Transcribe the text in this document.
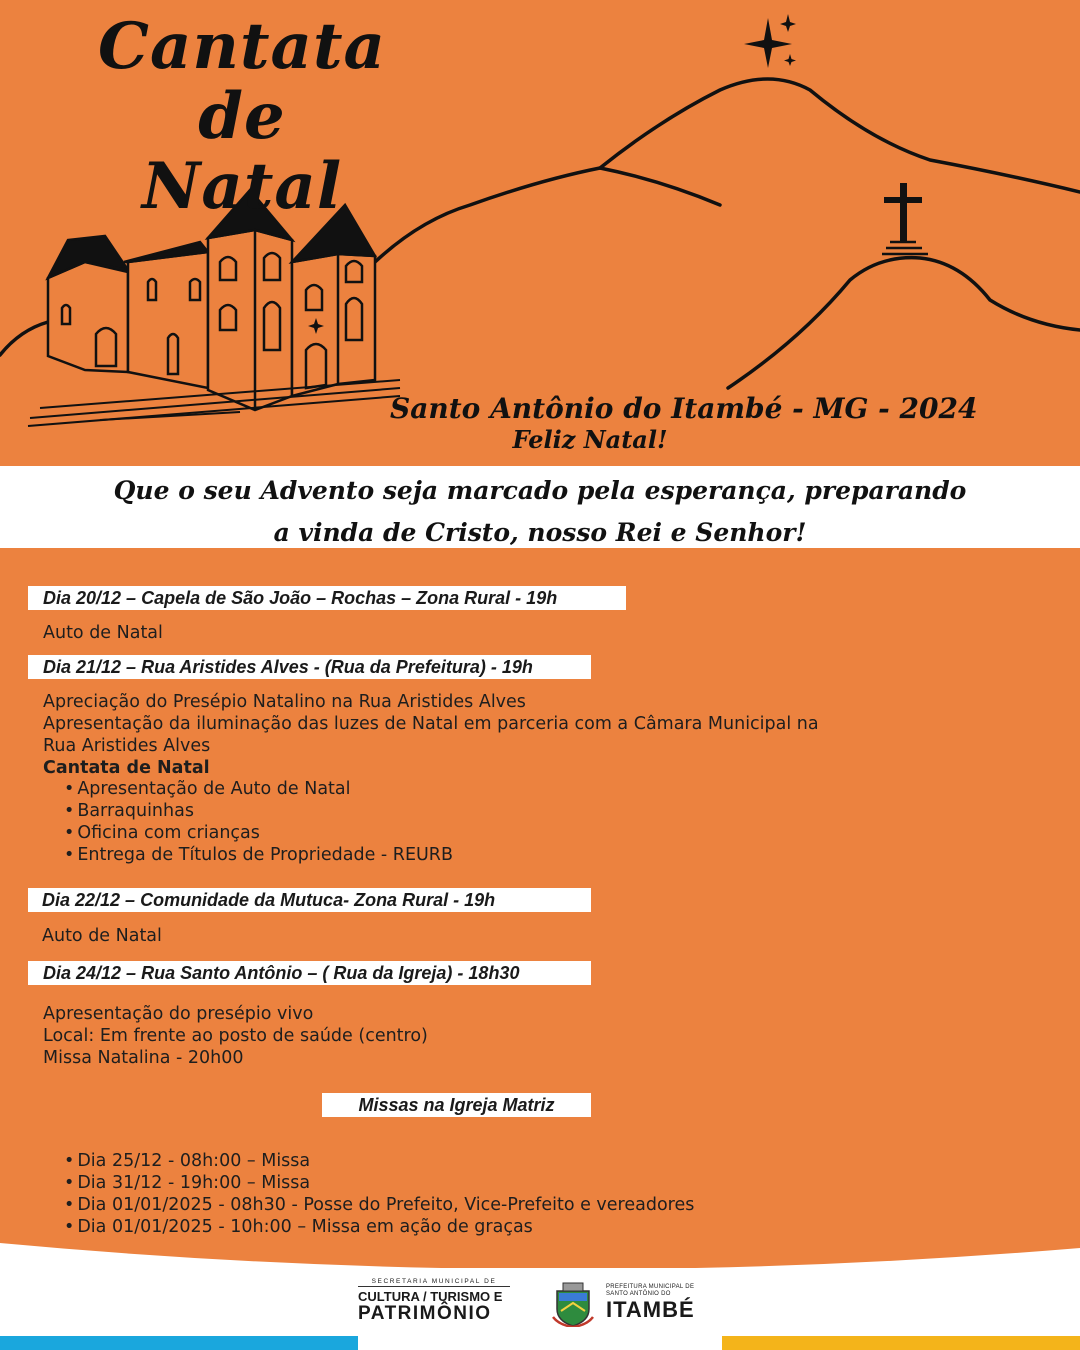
Cantata
de Natal
Santo Antônio do Itambé - MG - 2024
Feliz Natal!
Que o seu Advento seja marcado pela esperança, preparando
a vinda de Cristo, nosso Rei e Senhor!
Dia 20/12 – Capela de São João – Rochas – Zona Rural - 19h
Auto de Natal
Dia 21/12 – Rua Aristides Alves - (Rua da Prefeitura) - 19h
Apreciação do Presépio Natalino na Rua Aristides Alves
Apresentação da iluminação das luzes de Natal em parceria com a Câmara Municipal na
Rua Aristides Alves
Cantata de Natal
• Apresentação de Auto de Natal
• Barraquinhas
• Oficina com crianças
• Entrega de Títulos de Propriedade - REURB
Dia 22/12 – Comunidade da Mutuca- Zona Rural - 19h
Auto de Natal
Dia 24/12 – Rua Santo Antônio – ( Rua da Igreja) - 18h30
Apresentação do presépio vivo
Local: Em frente ao posto de saúde (centro)
Missa Natalina - 20h00
Missas na Igreja Matriz
• Dia 25/12 - 08h:00 – Missa
• Dia 31/12 - 19h:00 – Missa
• Dia 01/01/2025 - 08h30 - Posse do Prefeito, Vice-Prefeito e vereadores
• Dia 01/01/2025 - 10h:00 – Missa em ação de graças
SECRETARIA MUNICIPAL DE
CULTURA / TURISMO E
PATRIMÔNIO
PREFEITURA MUNICIPAL DE SANTO ANTÔNIO DO
ITAMBÉ
